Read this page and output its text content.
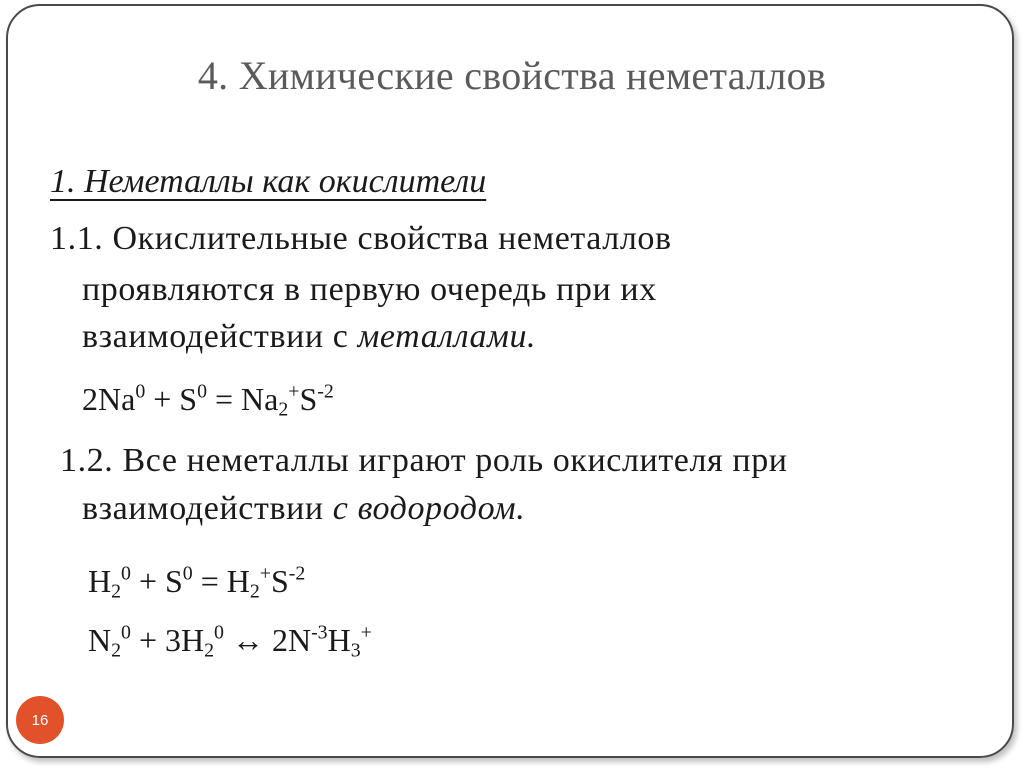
4. Химические свойства неметаллов
1. Неметаллы как окислители
1.1. Окислительные свойства неметаллов
проявляются в первую очередь при их
взаимодействии с металлами.
$2Na^0 + S^0 = Na_2^+S^{-2}$
1.2. Все неметаллы играют роль окислителя при
взаимодействии с водородом.
$H_2^0 + S^0 = H_2^+S^{-2}$
$N_2^0 + 3H_2^0$ ↔ $2N^{-3}H_3^+$
16
